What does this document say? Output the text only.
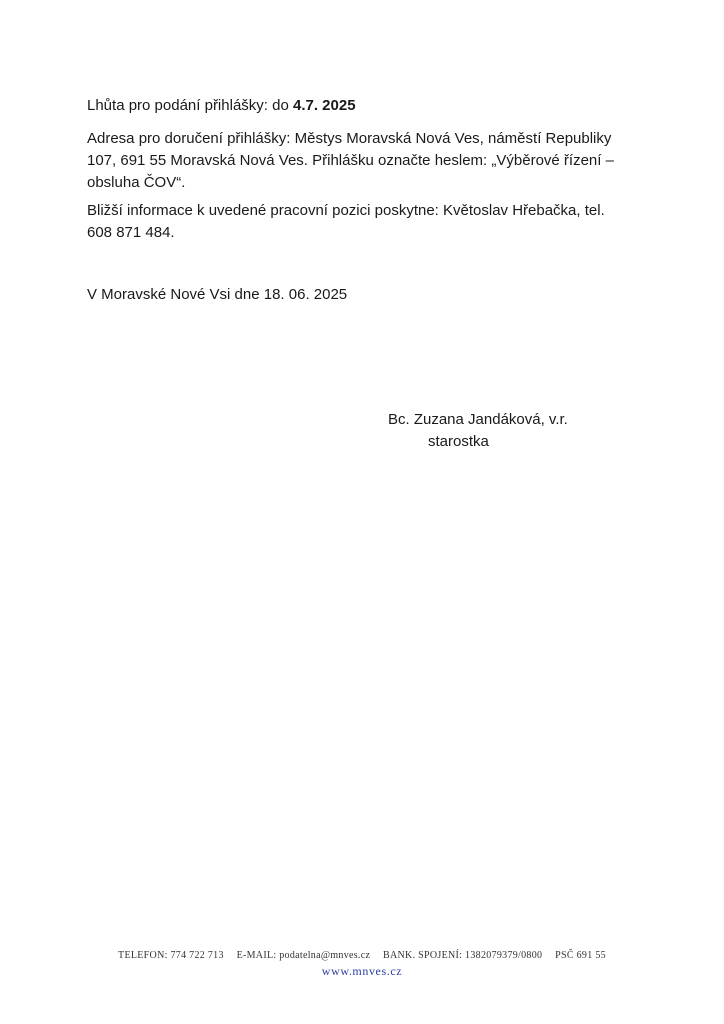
Lhůta pro podání přihlášky: do 4.7. 2025
Adresa pro doručení přihlášky: Městys Moravská Nová Ves, náměstí Republiky
107, 691 55 Moravská Nová Ves. Přihlášku označte heslem: „Výběrové řízení –
obsluha ČOV“.
Bližší informace k uvedené pracovní pozici poskytne: Květoslav Hřebačka, tel.
608 871 484.
V Moravské Nové Vsi dne 18. 06. 2025
Bc. Zuzana Jandáková, v.r.
starostka
TELEFON: 774 722 713 E-MAIL: podatelna@mnves.cz BANK. SPOJENÍ: 1382079379/0800 PSČ 691 55
www.mnves.cz
